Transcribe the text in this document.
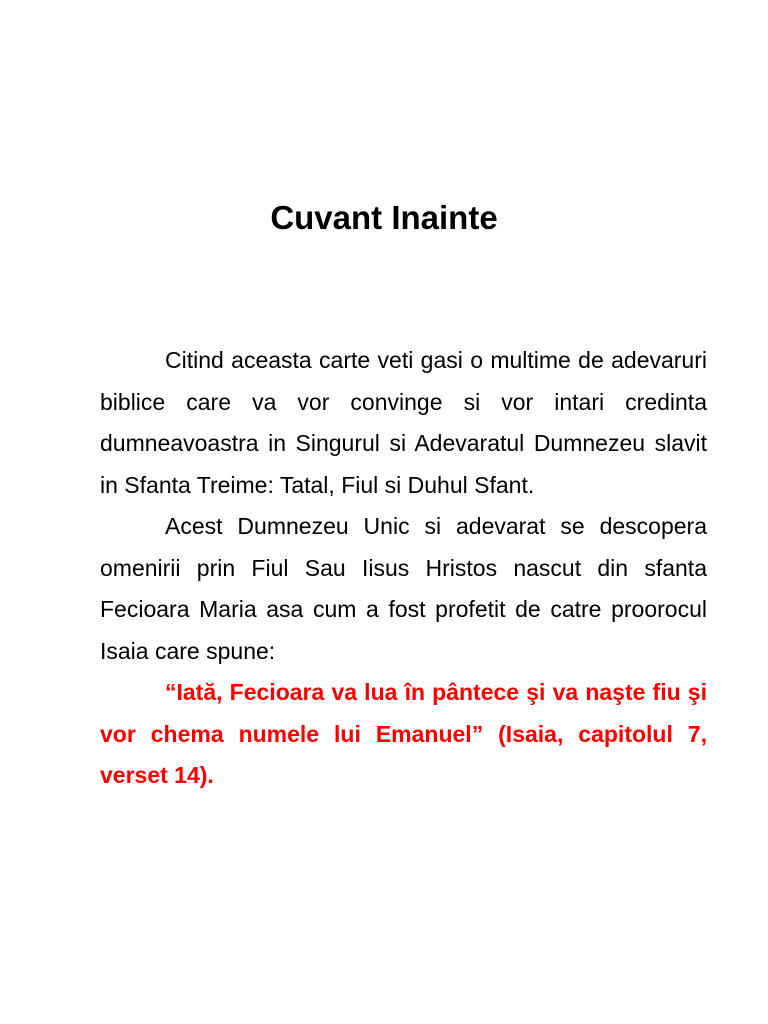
Cuvant Inainte

Citind aceasta carte veti gasi o multime de adevaruri biblice care va vor convinge si vor intari credinta dumneavoastra in Singurul si Adevaratul Dumnezeu slavit in Sfanta Treime: Tatal, Fiul si Duhul Sfant.

Acest Dumnezeu Unic si adevarat se descopera omenirii prin Fiul Sau Iisus Hristos nascut din sfanta Fecioara Maria asa cum a fost profetit de catre proorocul Isaia care spune:

“Iată, Fecioara va lua în pântece şi va naşte fiu şi vor chema numele lui Emanuel” (Isaia, capitolul 7, verset 14).
